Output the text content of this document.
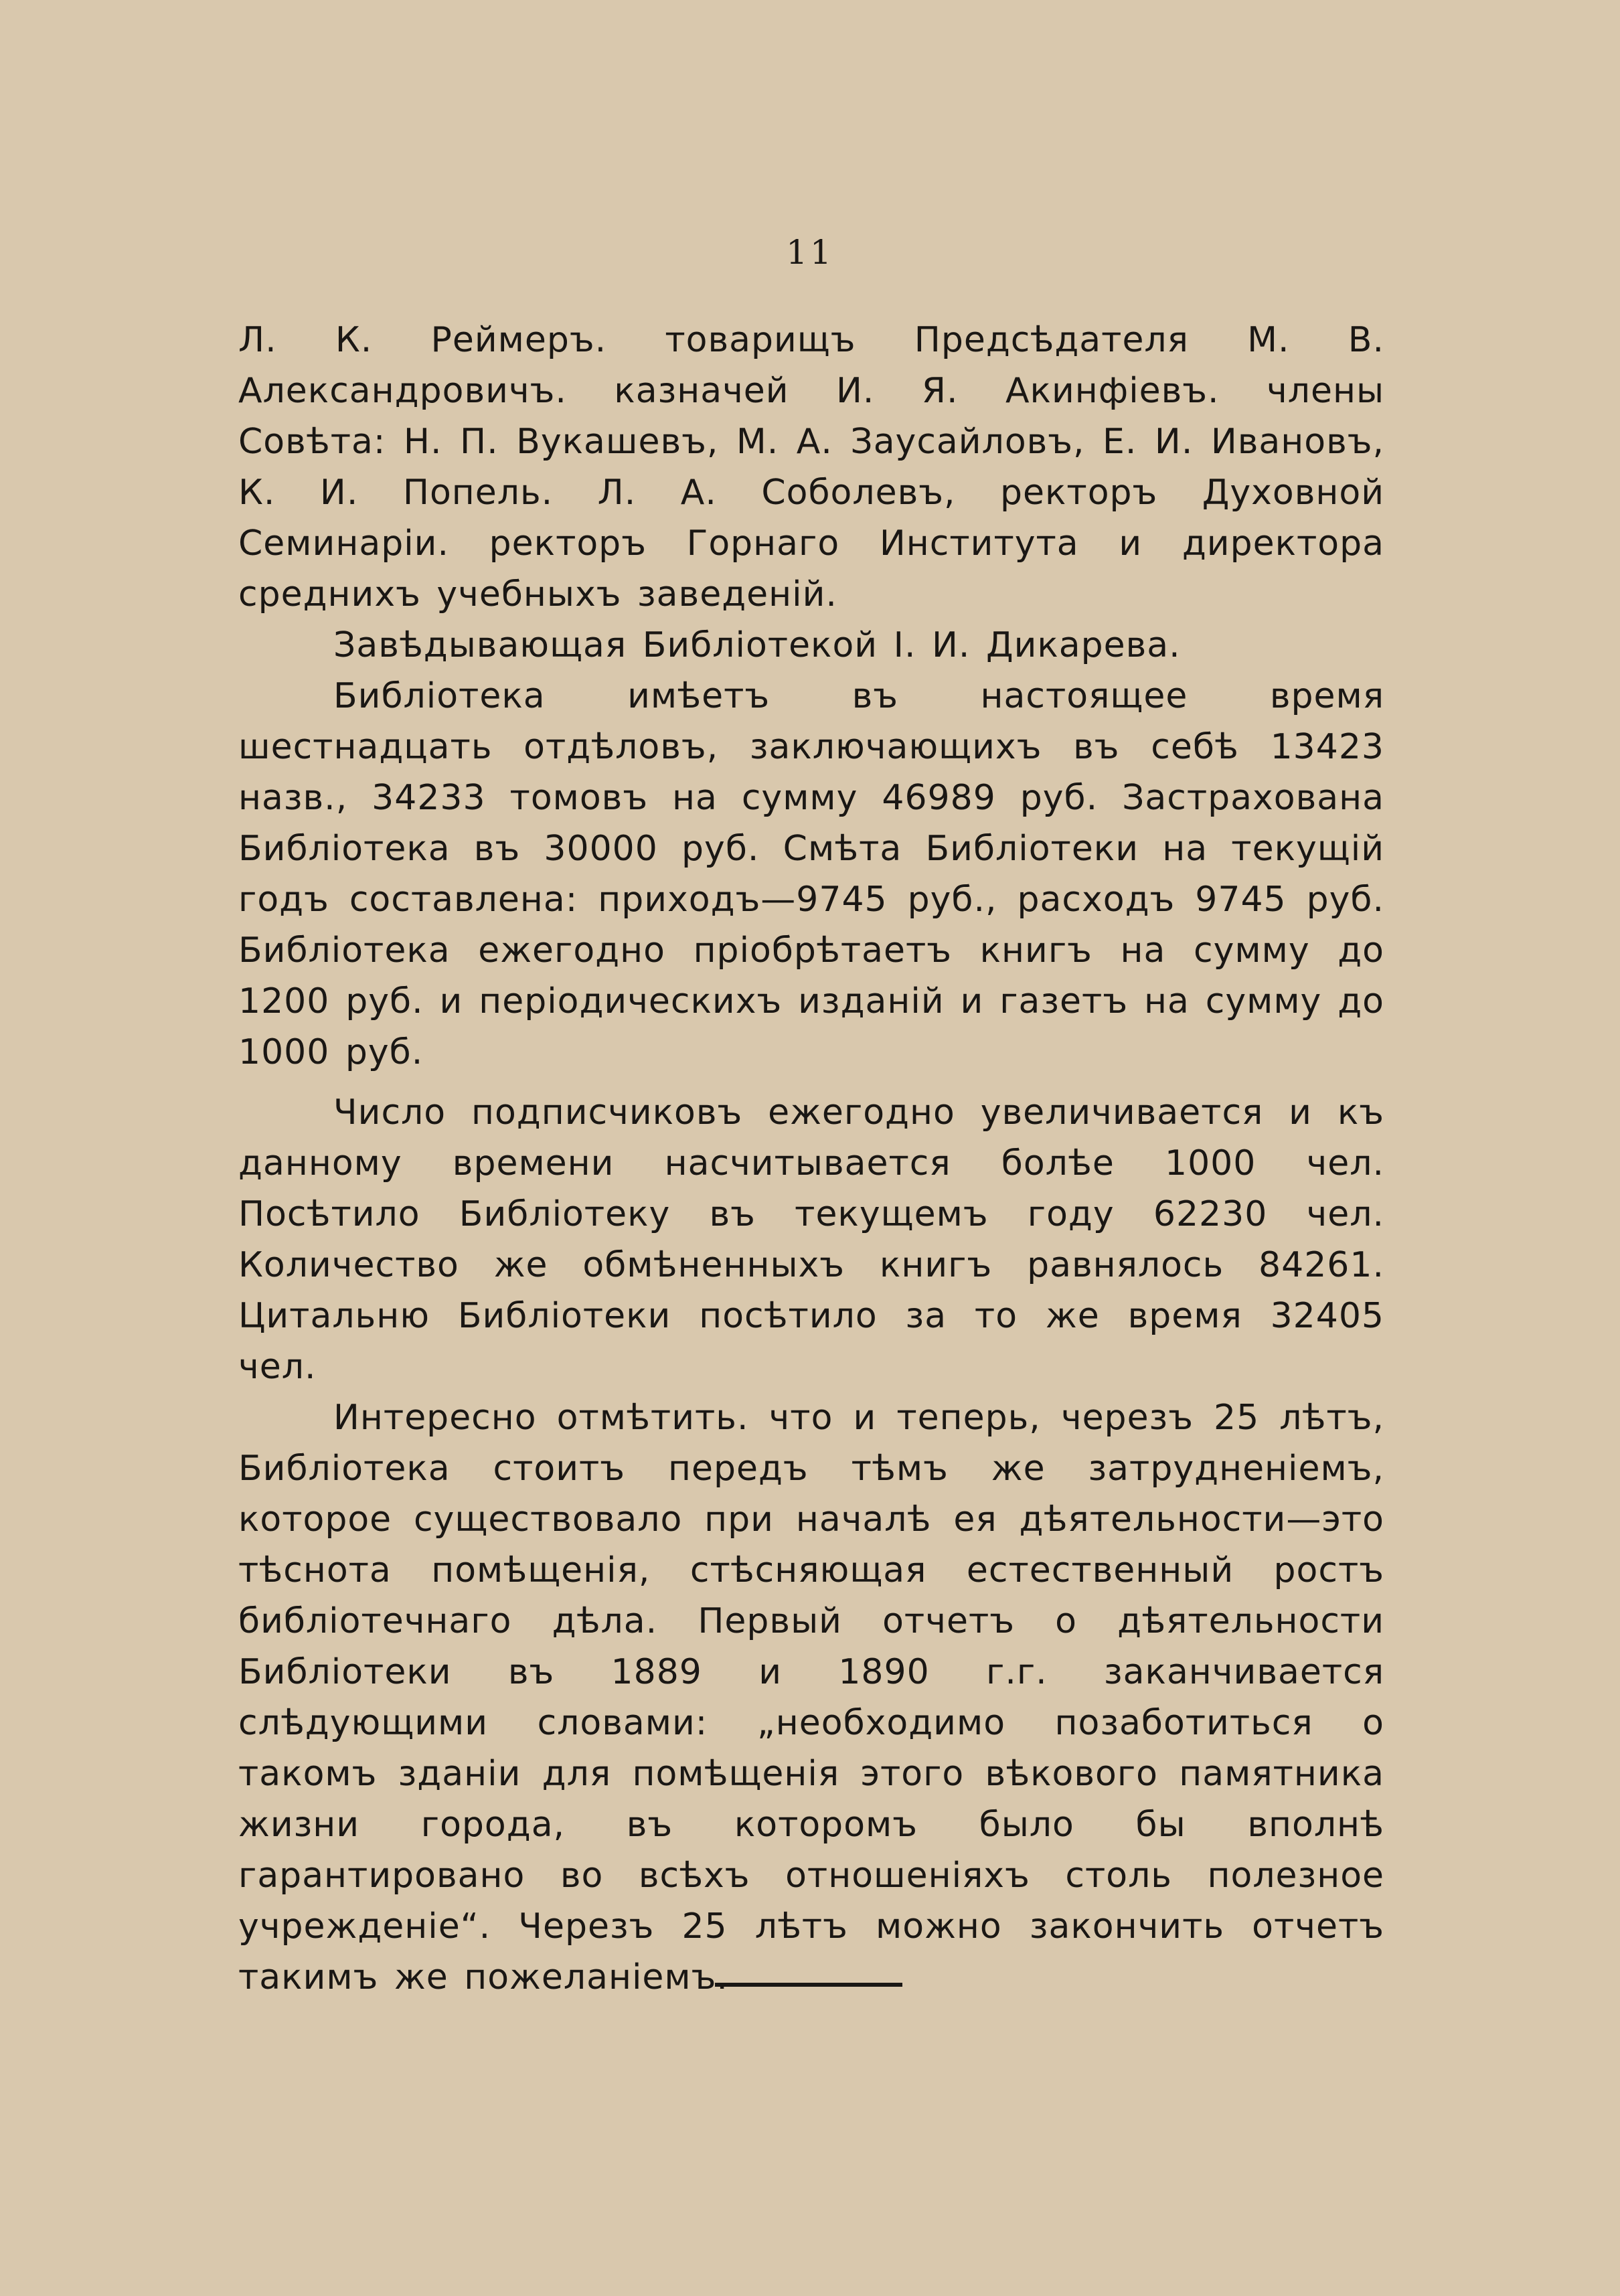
11

Л. К. Реймеръ. товарищъ Предсѣдателя М. В. Александровичъ. казначей И. Я. Акинфіевъ. члены Совѣта: Н. П. Вукашевъ, М. А. Заусайловъ, Е. И. Ивановъ, К. И. Попель. Л. А. Соболевъ, ректоръ Духовной Семинаріи. ректоръ Горнаго Института и директора среднихъ учебныхъ заведеній.

Завѣдывающая Библіотекой І. И. Дикарева.

Библіотека имѣетъ въ настоящее время шестнадцать отдѣловъ, заключающихъ въ себѣ 13423 назв., 34233 томовъ на сумму 46989 руб. Застрахована Библіотека въ 30000 руб. Смѣта Библіотеки на текущій годъ составлена: приходъ—9745 руб., расходъ 9745 руб. Библіотека ежегодно пріобрѣтаетъ книгъ на сумму до 1200 руб. и періодическихъ изданій и газетъ на сумму до 1000 руб.

Число подписчиковъ ежегодно увеличивается и къ данному времени насчитывается болѣе 1000 чел. Посѣтило Библіотеку въ текущемъ году 62230 чел. Количество же обмѣненныхъ книгъ равнялось 84261. Цитальню Библіотеки посѣтило за то же время 32405 чел.

Интересно отмѣтить. что и теперь, черезъ 25 лѣтъ, Библіотека стоитъ передъ тѣмъ же затрудненіемъ, которое существовало при началѣ ея дѣятельности—это тѣснота помѣщенія, стѣсняющая естественный ростъ библіотечнаго дѣла. Первый отчетъ о дѣятельности Библіотеки въ 1889 и 1890 г.г. заканчивается слѣдующими словами: „необходимо позаботиться о такомъ зданіи для помѣщенія этого вѣкового памятника жизни города, въ которомъ было бы вполнѣ гарантировано во всѣхъ отношеніяхъ столь полезное учрежденіе“. Черезъ 25 лѣтъ можно закончить отчетъ такимъ же пожеланіемъ.
